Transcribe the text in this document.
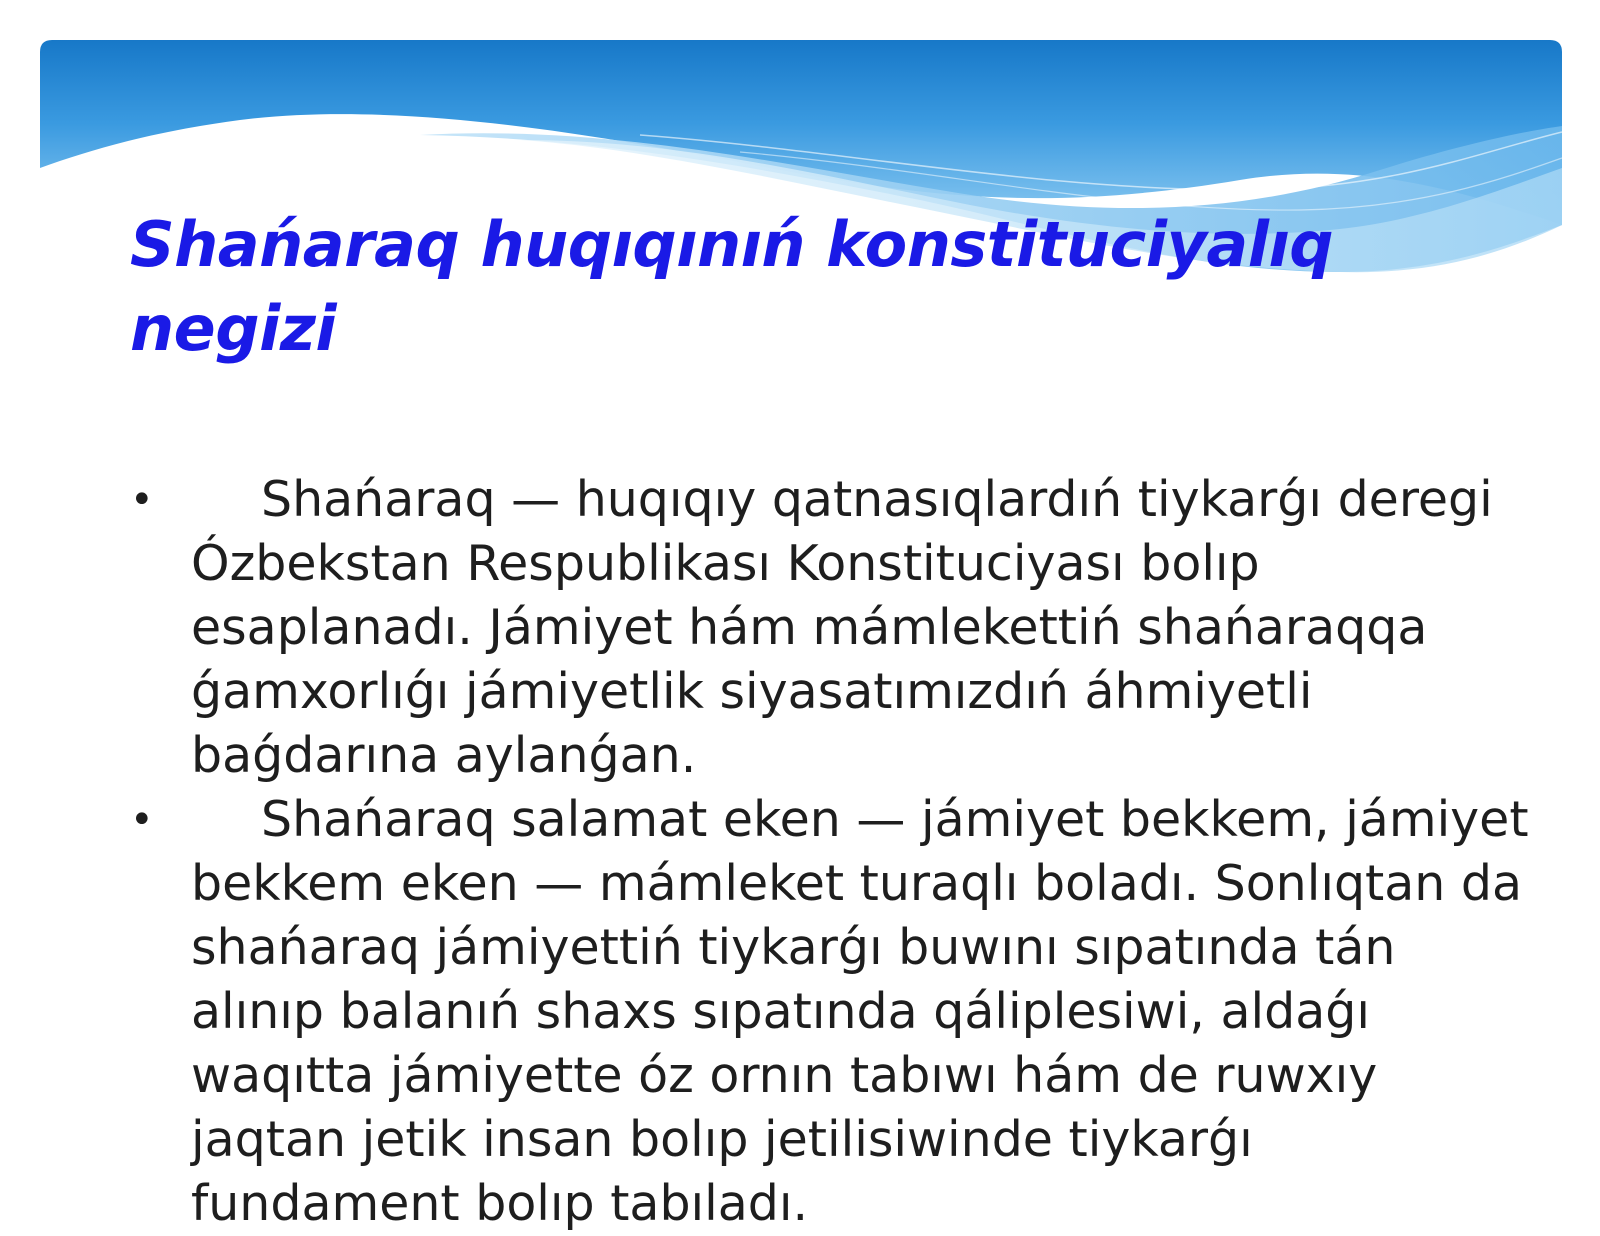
Shańaraq huqıqınıń konstituciyalıq negizi
• Shańaraq — huqıqıy qatnasıqlardıń tiykarǵı deregi Ózbekstan Respublikası Konstituciyası bolıp esaplanadı. Jámiyet hám mámlekettiń shańaraqqa ǵamxorlıǵı jámiyetlik siyasatımızdıń áhmiyetli baǵdarına aylanǵan.
• Shańaraq salamat eken — jámiyet bekkem, jámiyet bekkem eken — mámleket turaqlı boladı. Sonlıqtan da shańaraq jámiyettiń tiykarǵı buwını sıpatında tán alınıp balanıń shaxs sıpatında qáliplesiwi, aldaǵı waqıtta jámiyette óz ornın tabıwı hám de ruwxıy jaqtan jetik insan bolıp jetilisiwinde tiykarǵı fundament bolıp tabıladı.
